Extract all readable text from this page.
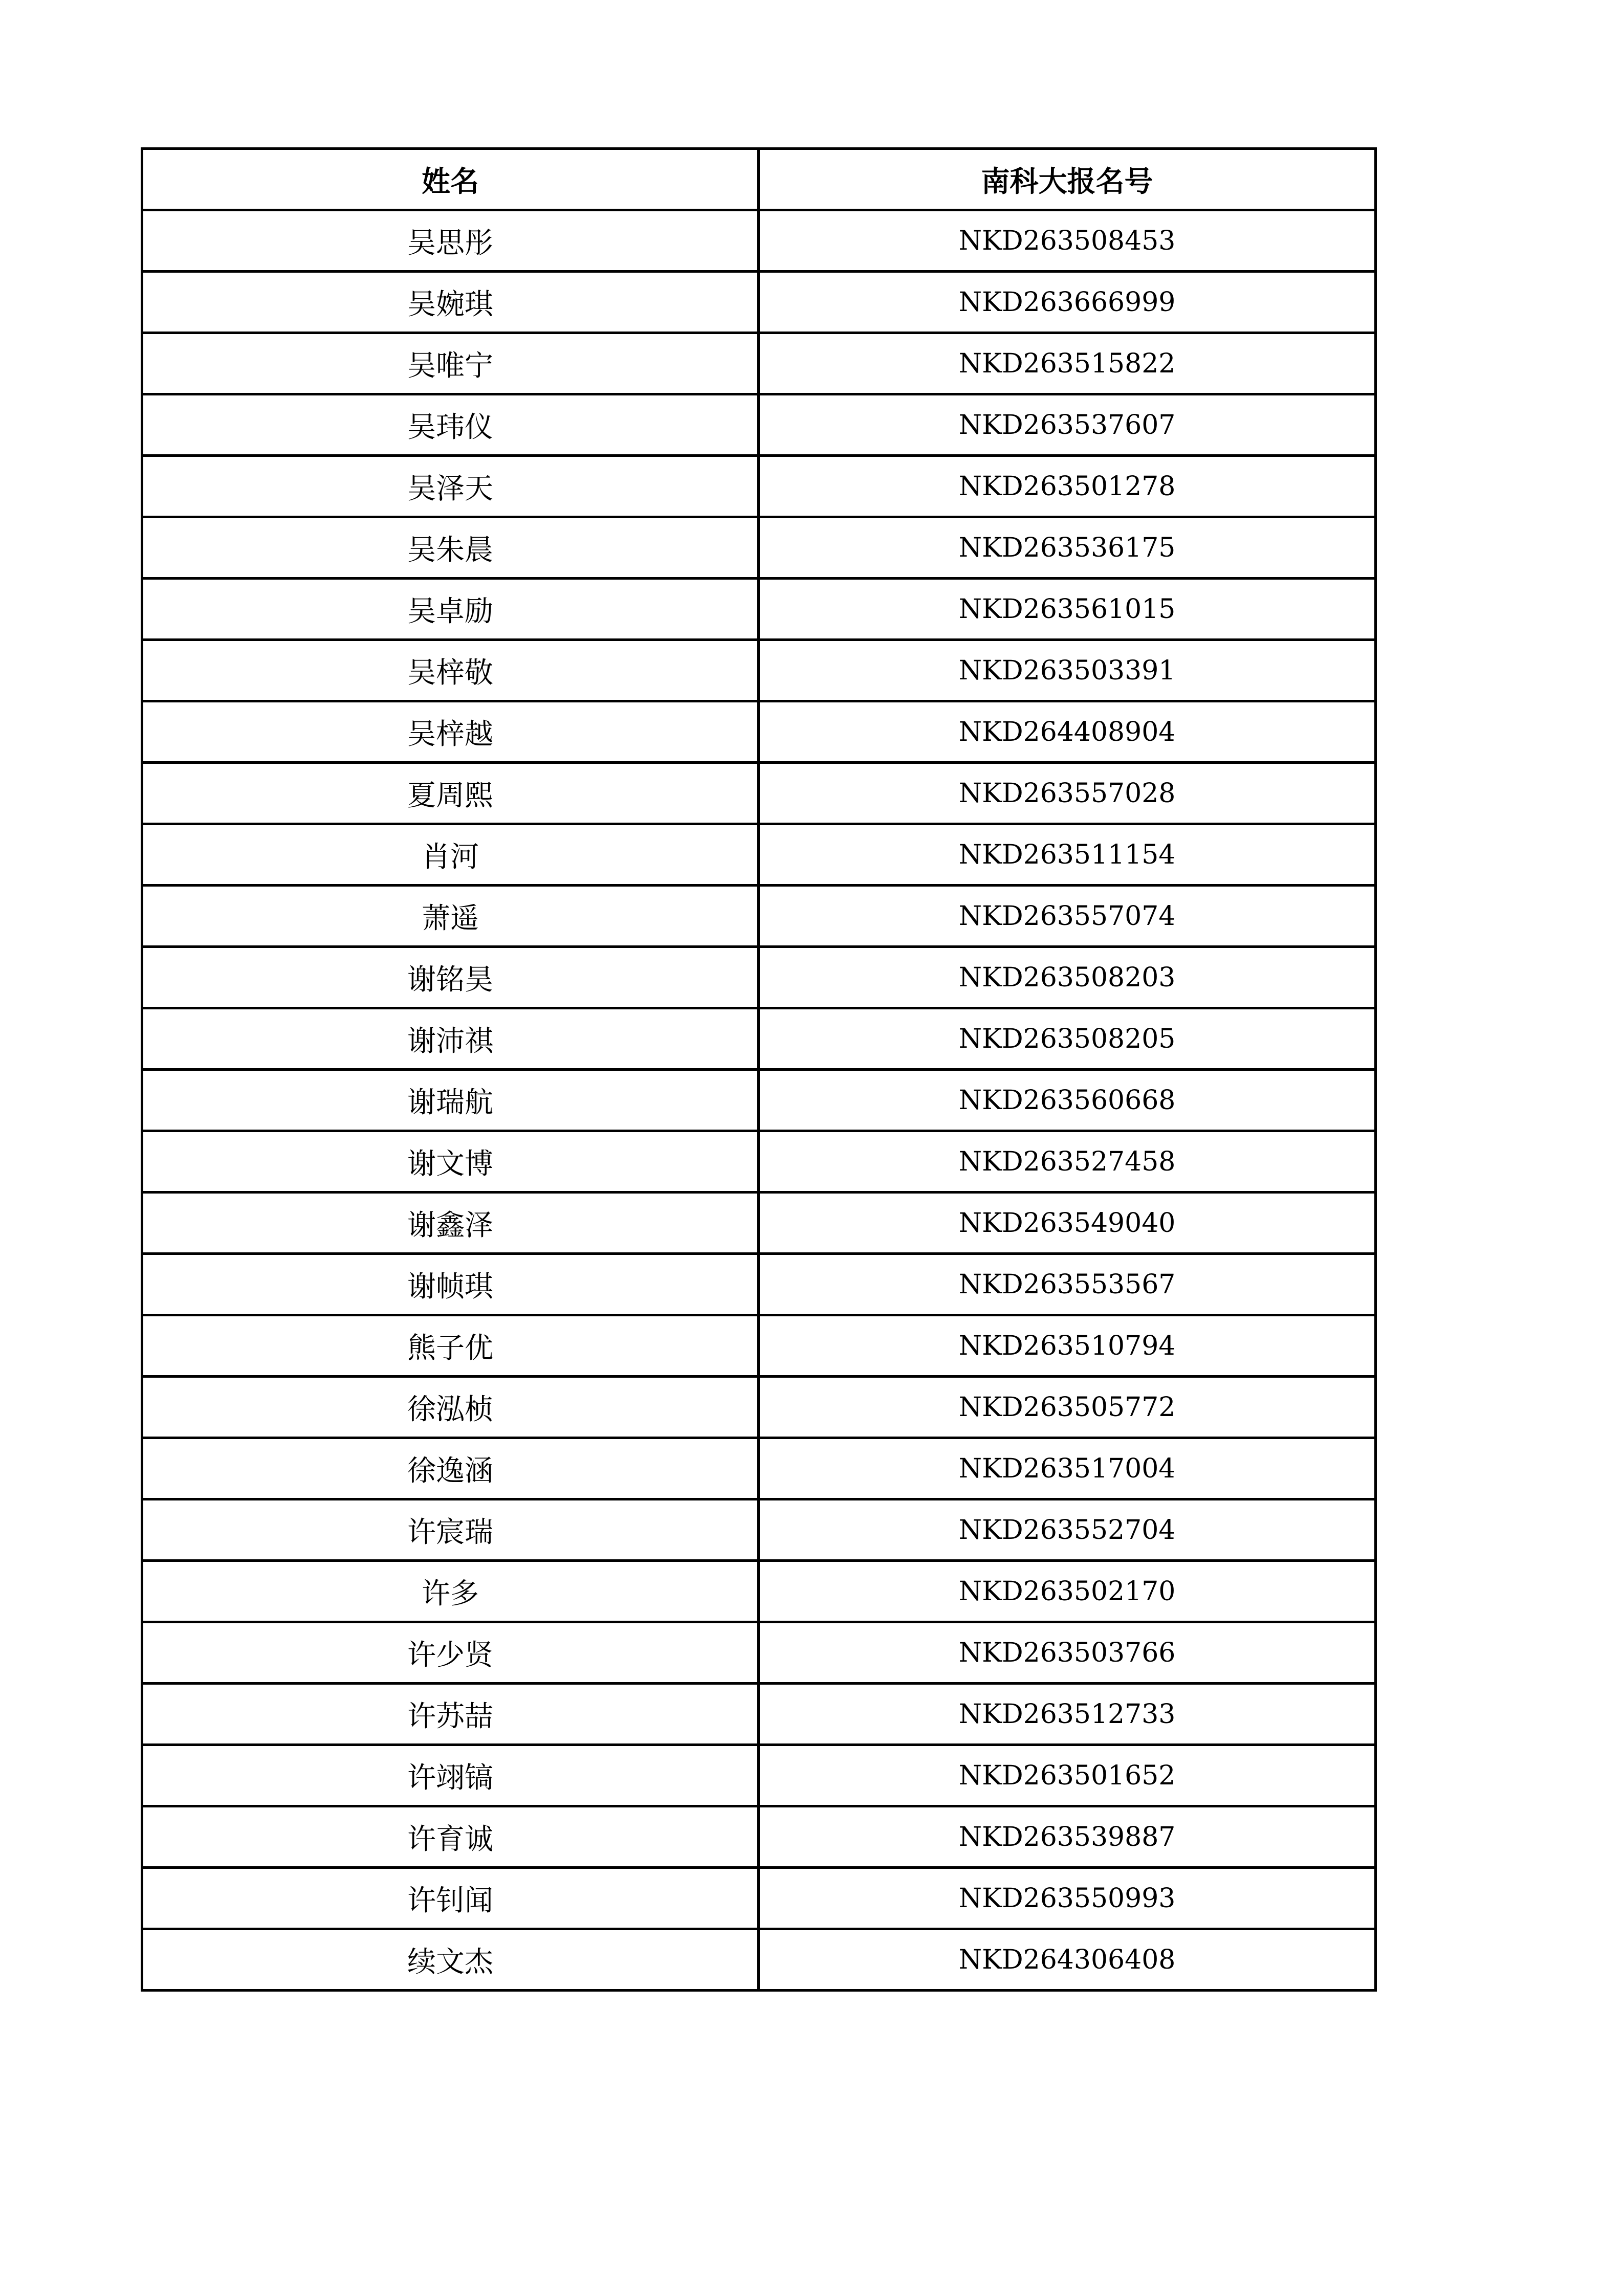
姓名	南科大报名号
吴思彤	NKD263508453
吴婉琪	NKD263666999
吴唯宁	NKD263515822
吴玮仪	NKD263537607
吴泽天	NKD263501278
吴朱晨	NKD263536175
吴卓励	NKD263561015
吴梓敬	NKD263503391
吴梓越	NKD264408904
夏周熙	NKD263557028
肖河	NKD263511154
萧遥	NKD263557074
谢铭昊	NKD263508203
谢沛祺	NKD263508205
谢瑞航	NKD263560668
谢文博	NKD263527458
谢鑫泽	NKD263549040
谢帧琪	NKD263553567
熊子优	NKD263510794
徐泓桢	NKD263505772
徐逸涵	NKD263517004
许宸瑞	NKD263552704
许多	NKD263502170
许少贤	NKD263503766
许苏喆	NKD263512733
许翊镐	NKD263501652
许育诚	NKD263539887
许钊闻	NKD263550993
续文杰	NKD264306408
